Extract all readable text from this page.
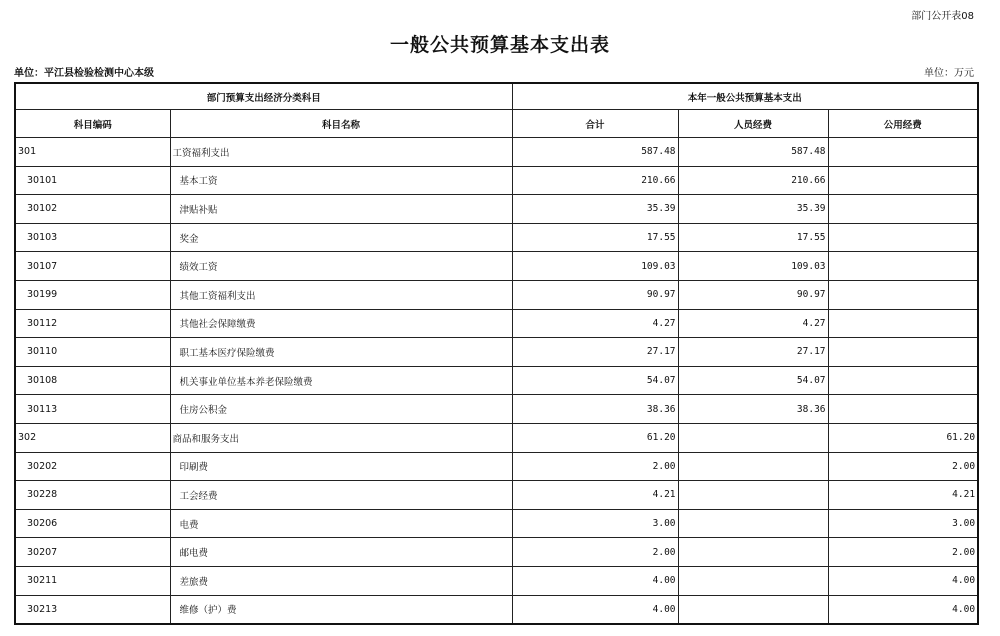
部门公开表08
一般公共预算基本支出表
单位：平江县检验检测中心本级	单位：万元
部门预算支出经济分类科目		本年一般公共预算基本支出		
科目编码	科目名称	合计	人员经费	公用经费
301	工资福利支出	587.48	587.48	
30101	基本工资	210.66	210.66	
30102	津贴补贴	35.39	35.39	
30103	奖金	17.55	17.55	
30107	绩效工资	109.03	109.03	
30199	其他工资福利支出	90.97	90.97	
30112	其他社会保障缴费	4.27	4.27	
30110	职工基本医疗保险缴费	27.17	27.17	
30108	机关事业单位基本养老保险缴费	54.07	54.07	
30113	住房公积金	38.36	38.36	
302	商品和服务支出	61.20		61.20
30202	印刷费	2.00		2.00
30228	工会经费	4.21		4.21
30206	电费	3.00		3.00
30207	邮电费	2.00		2.00
30211	差旅费	4.00		4.00
30213	维修（护）费	4.00		4.00
